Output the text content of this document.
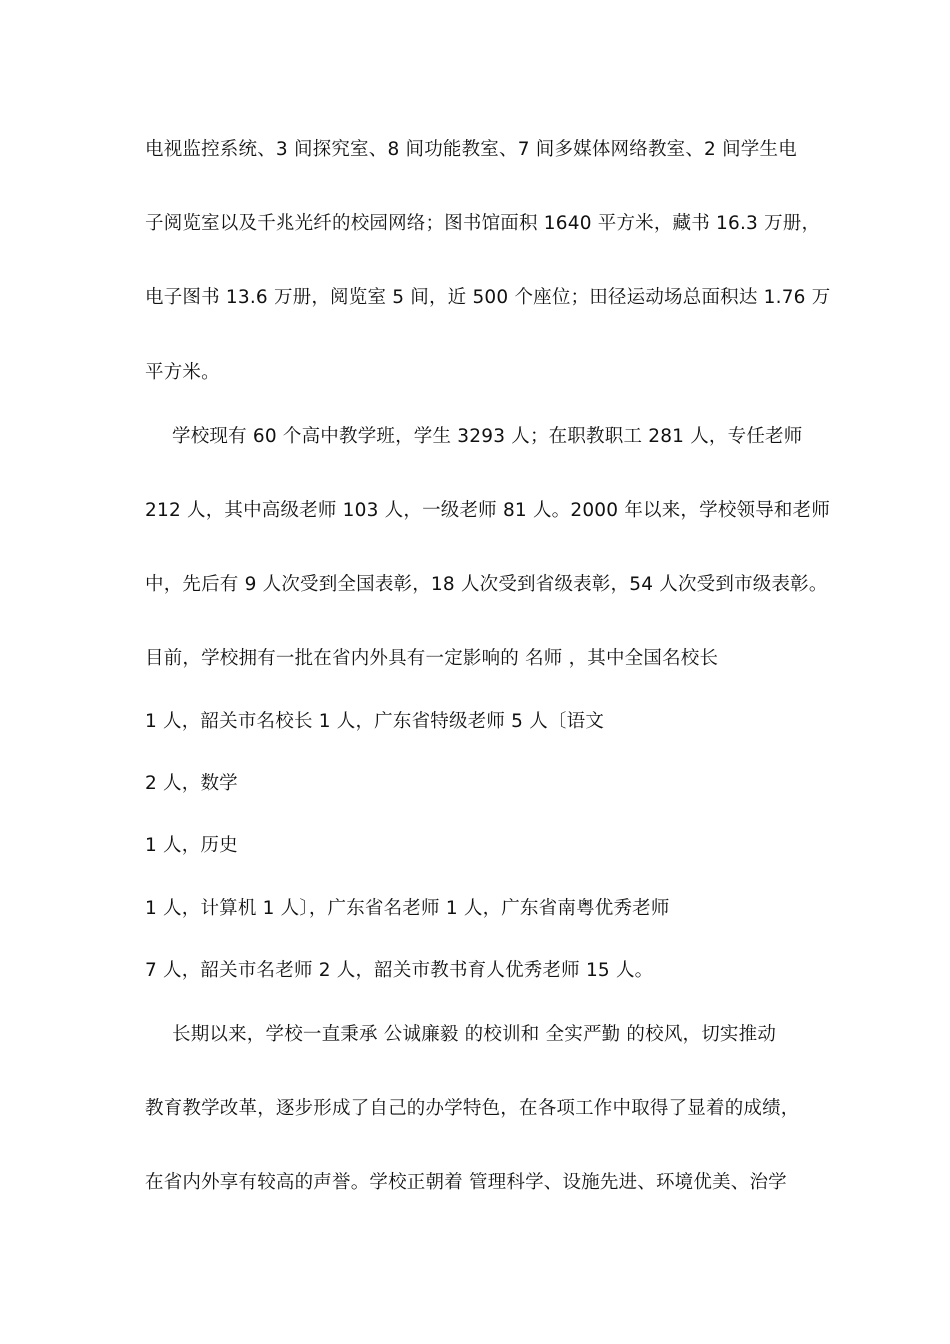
电视监控系统、3 间探究室、8 间功能教室、7 间多媒体网络教室、2 间学生电
子阅览室以及千兆光纤的校园网络；图书馆面积 1640 平方米，藏书 16.3 万册，
电子图书 13.6 万册，阅览室 5 间，近 500 个座位；田径运动场总面积达 1.76 万
平方米。
学校现有 60 个高中教学班，学生 3293 人；在职教职工 281 人，专任老师
212 人，其中高级老师 103 人，一级老师 81 人。2000 年以来，学校领导和老师
中，先后有 9 人次受到全国表彰，18 人次受到省级表彰，54 人次受到市级表彰。
目前，学校拥有一批在省内外具有一定影响的 名师 ，其中全国名校长
1 人，韶关市名校长 1 人，广东省特级老师 5 人〔语文
2 人，数学
1 人，历史
1 人，计算机 1 人〕，广东省名老师 1 人，广东省南粤优秀老师
7 人，韶关市名老师 2 人，韶关市教书育人优秀老师 15 人。
长期以来，学校一直秉承 公诚廉毅 的校训和 全实严勤 的校风，切实推动
教育教学改革，逐步形成了自己的办学特色，在各项工作中取得了显着的成绩，
在省内外享有较高的声誉。学校正朝着 管理科学、设施先进、环境优美、治学
